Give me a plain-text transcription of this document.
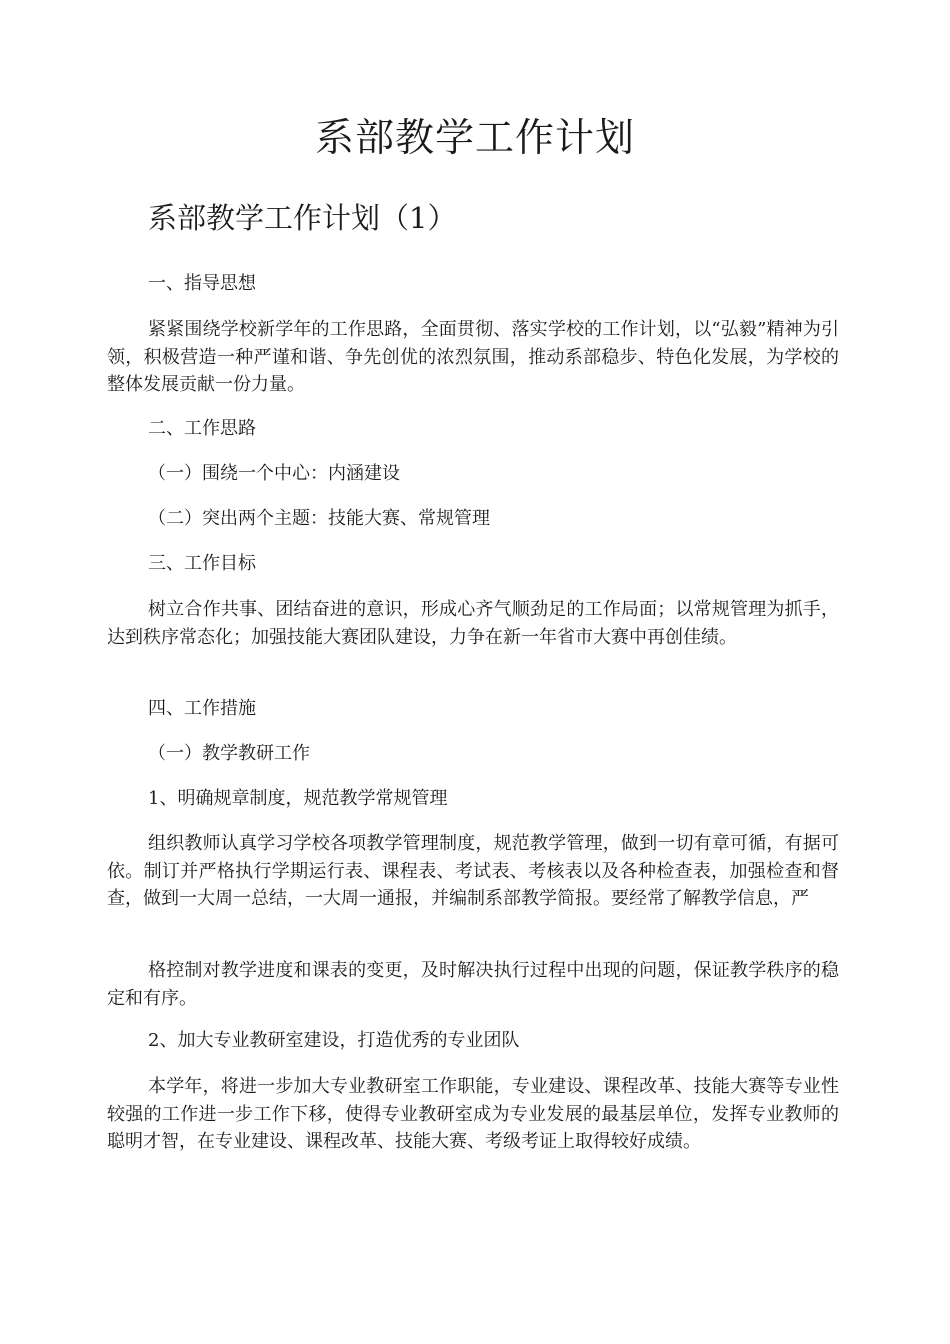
系部教学工作计划
系部教学工作计划（1）

一、指导思想

紧紧围绕学校新学年的工作思路，全面贯彻、落实学校的工作计划，以“弘毅”精神为引领，积极营造一种严谨和谐、争先创优的浓烈氛围，推动系部稳步、特色化发展，为学校的整体发展贡献一份力量。

二、工作思路

（一）围绕一个中心：内涵建设

（二）突出两个主题：技能大赛、常规管理

三、工作目标

树立合作共事、团结奋进的意识，形成心齐气顺劲足的工作局面；以常规管理为抓手，达到秩序常态化；加强技能大赛团队建设，力争在新一年省市大赛中再创佳绩。

四、工作措施

（一）教学教研工作

1、明确规章制度，规范教学常规管理

组织教师认真学习学校各项教学管理制度，规范教学管理，做到一切有章可循，有据可依。制订并严格执行学期运行表、课程表、考试表、考核表以及各种检查表，加强检查和督查，做到一大周一总结，一大周一通报，并编制系部教学简报。要经常了解教学信息，严

格控制对教学进度和课表的变更，及时解决执行过程中出现的问题，保证教学秩序的稳定和有序。

2、加大专业教研室建设，打造优秀的专业团队

本学年，将进一步加大专业教研室工作职能，专业建设、课程改革、技能大赛等专业性较强的工作进一步工作下移，使得专业教研室成为专业发展的最基层单位，发挥专业教师的聪明才智，在专业建设、课程改革、技能大赛、考级考证上取得较好成绩。
